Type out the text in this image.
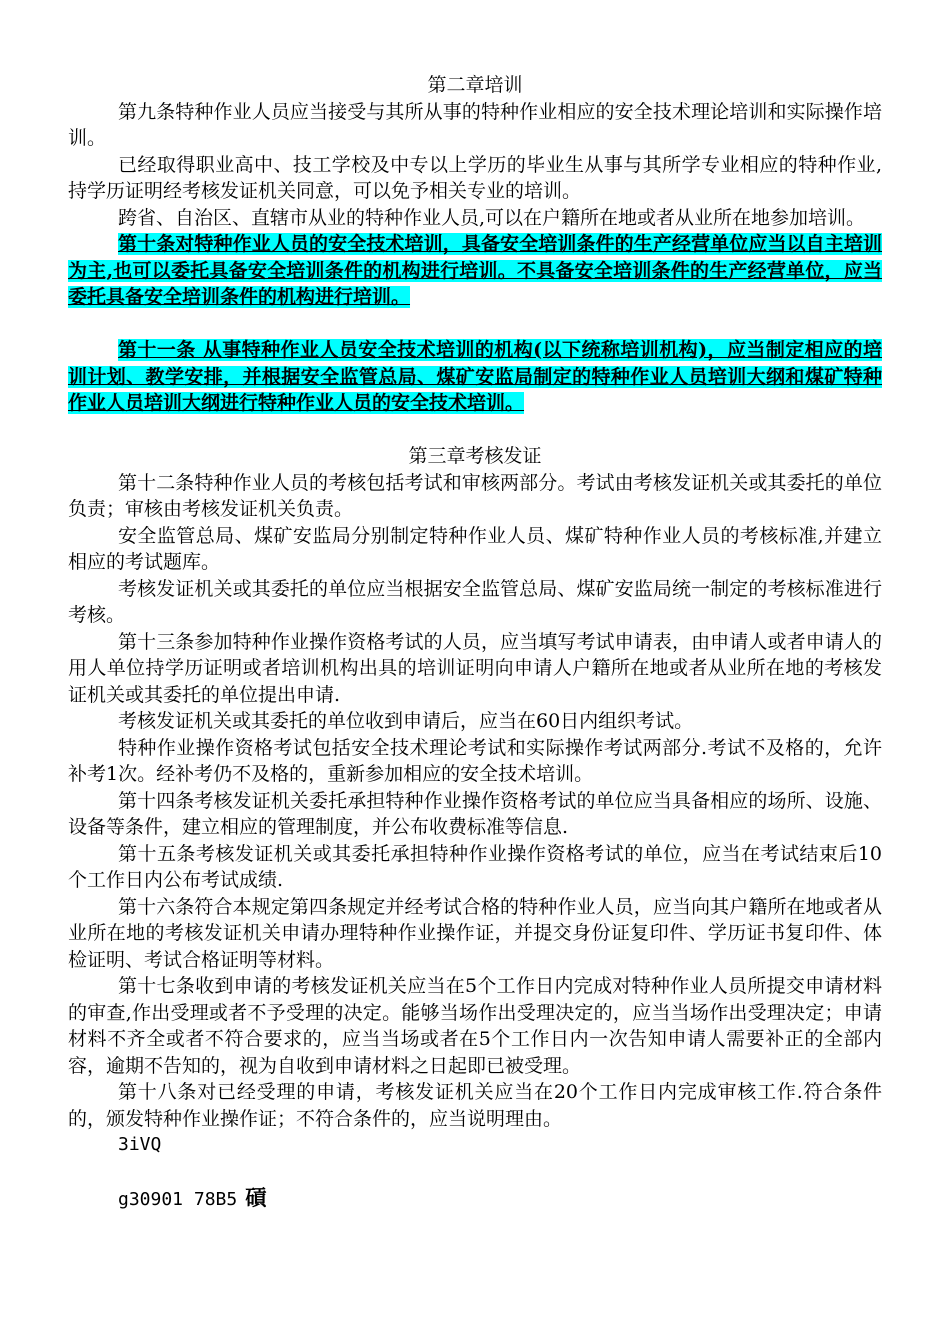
第二章培训

第九条特种作业人员应当接受与其所从事的特种作业相应的安全技术理论培训和实际操作培训。

已经取得职业高中、技工学校及中专以上学历的毕业生从事与其所学专业相应的特种作业,持学历证明经考核发证机关同意，可以免予相关专业的培训。

跨省、自治区、直辖市从业的特种作业人员,可以在户籍所在地或者从业所在地参加培训。

第十条对特种作业人员的安全技术培训，具备安全培训条件的生产经营单位应当以自主培训为主,也可以委托具备安全培训条件的机构进行培训。不具备安全培训条件的生产经营单位，应当委托具备安全培训条件的机构进行培训。

第十一条 从事特种作业人员安全技术培训的机构(以下统称培训机构)，应当制定相应的培训计划、教学安排，并根据安全监管总局、煤矿安监局制定的特种作业人员培训大纲和煤矿特种作业人员培训大纲进行特种作业人员的安全技术培训。

第三章考核发证

第十二条特种作业人员的考核包括考试和审核两部分。考试由考核发证机关或其委托的单位负责；审核由考核发证机关负责。

安全监管总局、煤矿安监局分别制定特种作业人员、煤矿特种作业人员的考核标准,并建立相应的考试题库。

考核发证机关或其委托的单位应当根据安全监管总局、煤矿安监局统一制定的考核标准进行考核。

第十三条参加特种作业操作资格考试的人员，应当填写考试申请表，由申请人或者申请人的用人单位持学历证明或者培训机构出具的培训证明向申请人户籍所在地或者从业所在地的考核发证机关或其委托的单位提出申请.

考核发证机关或其委托的单位收到申请后，应当在60日内组织考试。

特种作业操作资格考试包括安全技术理论考试和实际操作考试两部分.考试不及格的，允许补考1次。经补考仍不及格的，重新参加相应的安全技术培训。

第十四条考核发证机关委托承担特种作业操作资格考试的单位应当具备相应的场所、设施、设备等条件，建立相应的管理制度，并公布收费标准等信息.

第十五条考核发证机关或其委托承担特种作业操作资格考试的单位，应当在考试结束后10个工作日内公布考试成绩.

第十六条符合本规定第四条规定并经考试合格的特种作业人员，应当向其户籍所在地或者从业所在地的考核发证机关申请办理特种作业操作证，并提交身份证复印件、学历证书复印件、体检证明、考试合格证明等材料。

第十七条收到申请的考核发证机关应当在5个工作日内完成对特种作业人员所提交申请材料的审查,作出受理或者不予受理的决定。能够当场作出受理决定的，应当当场作出受理决定；申请材料不齐全或者不符合要求的，应当当场或者在5个工作日内一次告知申请人需要补正的全部内容，逾期不告知的，视为自收到申请材料之日起即已被受理。

第十八条对已经受理的申请，考核发证机关应当在20个工作日内完成审核工作.符合条件的，颁发特种作业操作证；不符合条件的，应当说明理由。

3iVQ

g30901 78B5 碽
